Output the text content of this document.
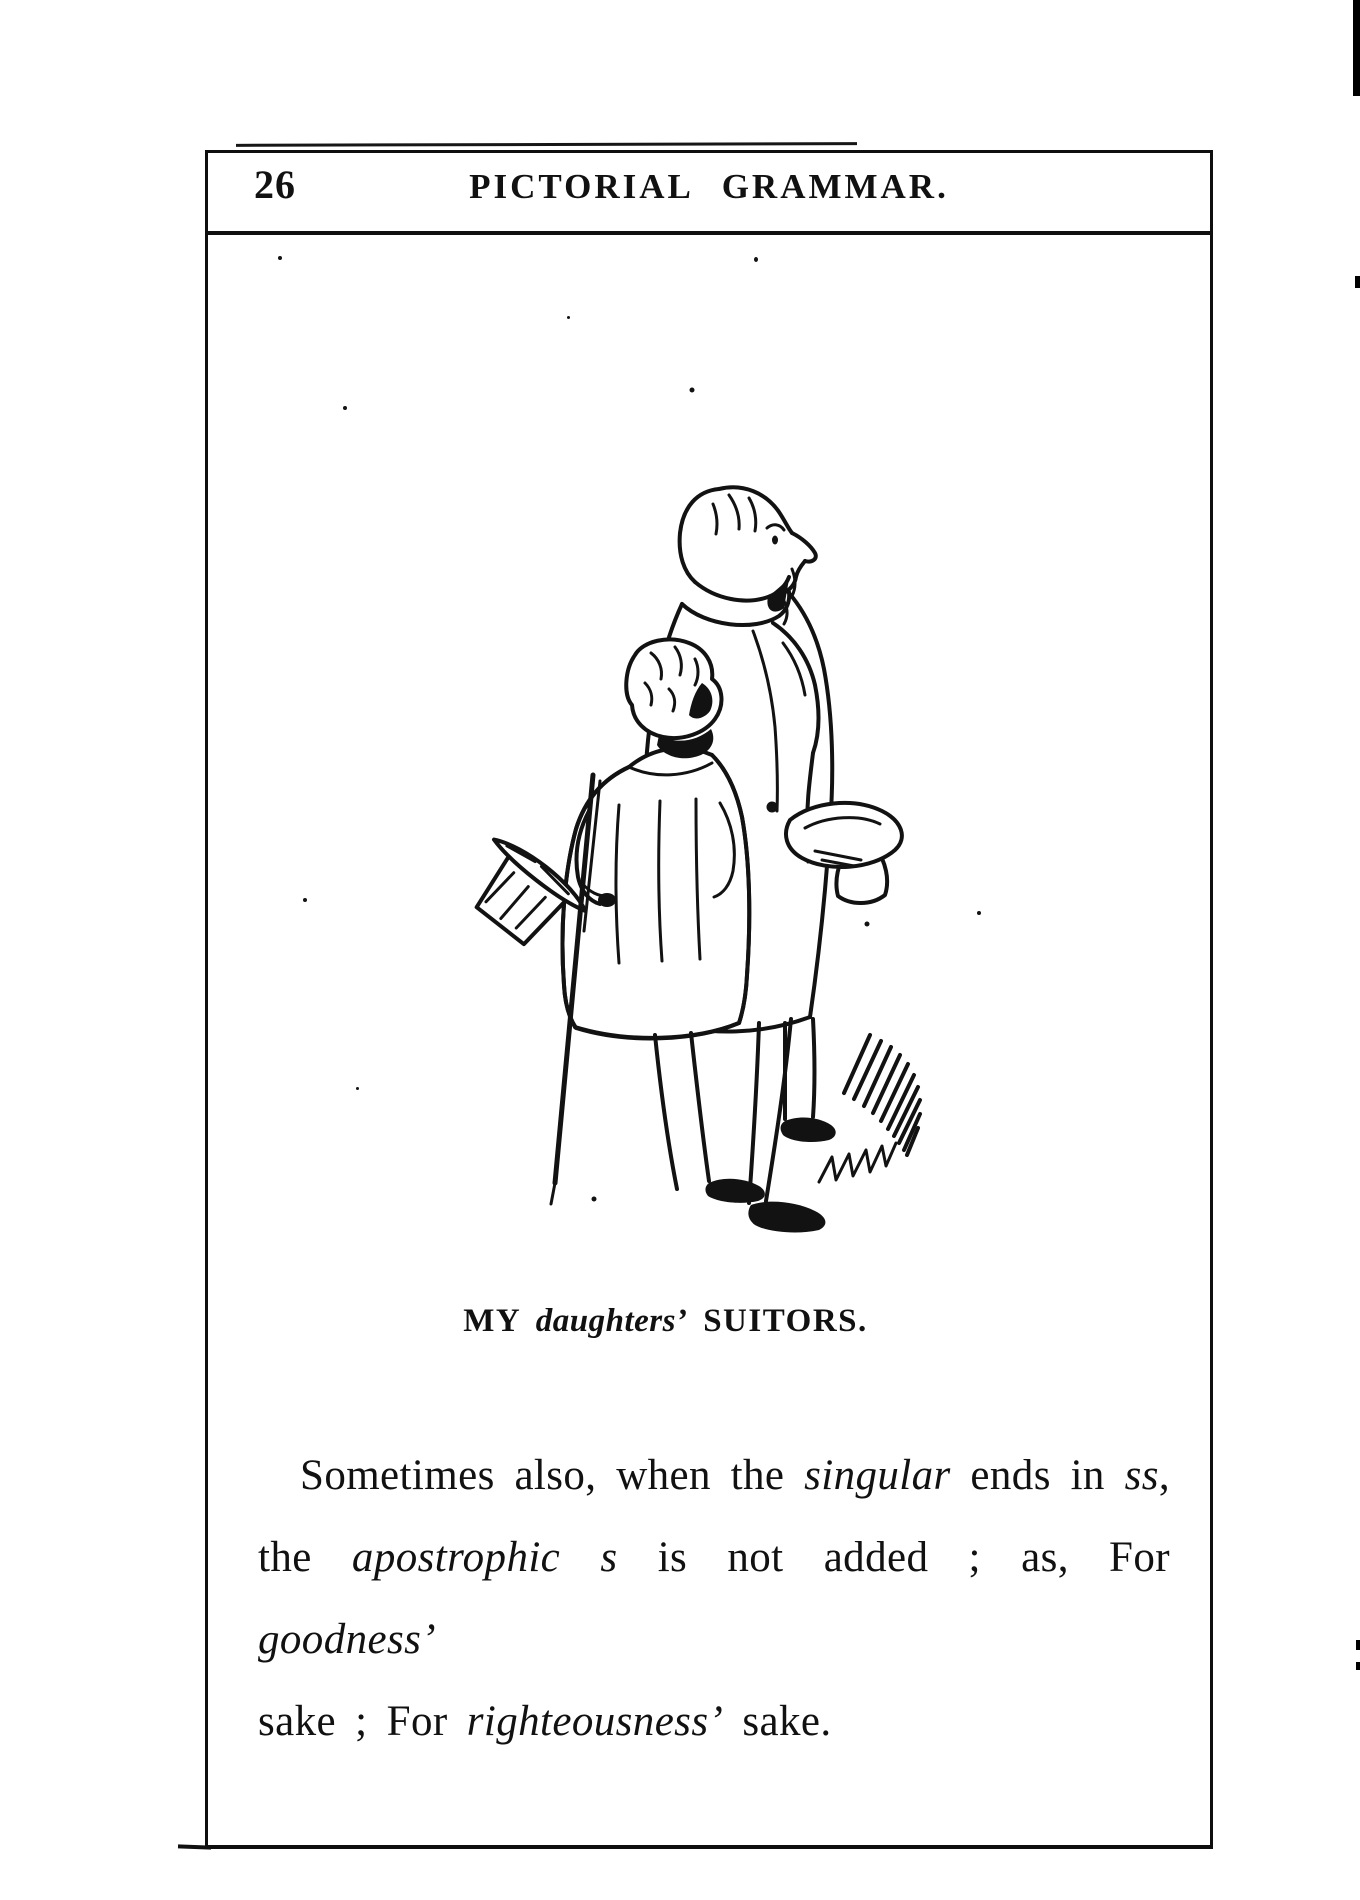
26	PICTORIAL GRAMMAR.
MY daughters’ SUITORS.
Sometimes also, when the singular ends in ss,
the apostrophic s is not added ; as, For goodness’
sake ; For righteousness’ sake.
